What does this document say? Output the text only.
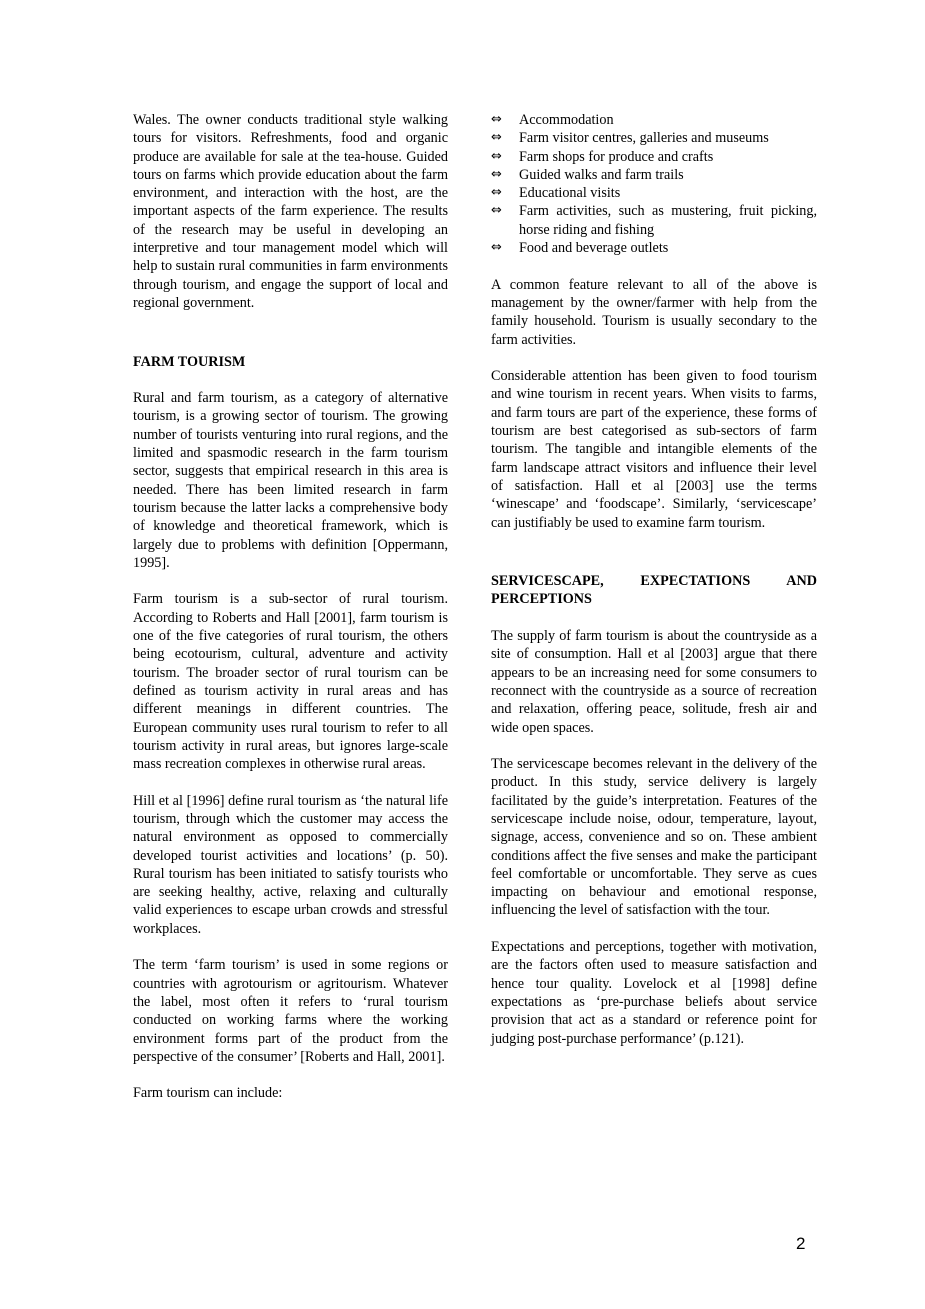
Wales. The owner conducts traditional style walking tours for visitors. Refreshments, food and organic produce are available for sale at the tea-house. Guided tours on farms which provide education about the farm environment, and interaction with the host, are the important aspects of the farm experience. The results of the research may be useful in developing an interpretive and tour management model which will help to sustain rural communities in farm environments through tourism, and engage the support of local and regional government.

FARM TOURISM

Rural and farm tourism, as a category of alternative tourism, is a growing sector of tourism. The growing number of tourists venturing into rural regions, and the limited and spasmodic research in the farm tourism sector, suggests that empirical research in this area is needed. There has been limited research in farm tourism because the latter lacks a comprehensive body of knowledge and theoretical framework, which is largely due to problems with definition [Oppermann, 1995].

Farm tourism is a sub-sector of rural tourism. According to Roberts and Hall [2001], farm tourism is one of the five categories of rural tourism, the others being ecotourism, cultural, adventure and activity tourism. The broader sector of rural tourism can be defined as tourism activity in rural areas and has different meanings in different countries. The European community uses rural tourism to refer to all tourism activity in rural areas, but ignores large-scale mass recreation complexes in otherwise rural areas.

Hill et al [1996] define rural tourism as ‘the natural life tourism, through which the customer may access the natural environment as opposed to commercially developed tourist activities and locations’ (p. 50). Rural tourism has been initiated to satisfy tourists who are seeking healthy, active, relaxing and culturally valid experiences to escape urban crowds and stressful workplaces.

The term ‘farm tourism’ is used in some regions or countries with agrotourism or agritourism. Whatever the label, most often it refers to ‘rural tourism conducted on working farms where the working environment forms part of the product from the perspective of the consumer’ [Roberts and Hall, 2001].

Farm tourism can include:

⇔ Accommodation
⇔ Farm visitor centres, galleries and museums
⇔ Farm shops for produce and crafts
⇔ Guided walks and farm trails
⇔ Educational visits
⇔ Farm activities, such as mustering, fruit picking, horse riding and fishing
⇔ Food and beverage outlets

A common feature relevant to all of the above is management by the owner/farmer with help from the family household. Tourism is usually secondary to the farm activities.

Considerable attention has been given to food tourism and wine tourism in recent years. When visits to farms, and farm tours are part of the experience, these forms of tourism are best categorised as sub-sectors of farm tourism. The tangible and intangible elements of the farm landscape attract visitors and influence their level of satisfaction. Hall et al [2003] use the terms ‘winescape’ and ‘foodscape’. Similarly, ‘servicescape’ can justifiably be used to examine farm tourism.

SERVICESCAPE, EXPECTATIONS AND PERCEPTIONS

The supply of farm tourism is about the countryside as a site of consumption. Hall et al [2003] argue that there appears to be an increasing need for some consumers to reconnect with the countryside as a source of recreation and relaxation, offering peace, solitude, fresh air and wide open spaces.

The servicescape becomes relevant in the delivery of the product. In this study, service delivery is largely facilitated by the guide’s interpretation. Features of the servicescape include noise, odour, temperature, layout, signage, access, convenience and so on. These ambient conditions affect the five senses and make the participant feel comfortable or uncomfortable. They serve as cues impacting on behaviour and emotional response, influencing the level of satisfaction with the tour.

Expectations and perceptions, together with motivation, are the factors often used to measure satisfaction and hence tour quality. Lovelock et al [1998] define expectations as ‘pre-purchase beliefs about service provision that act as a standard or reference point for judging post-purchase performance’ (p.121).

2
